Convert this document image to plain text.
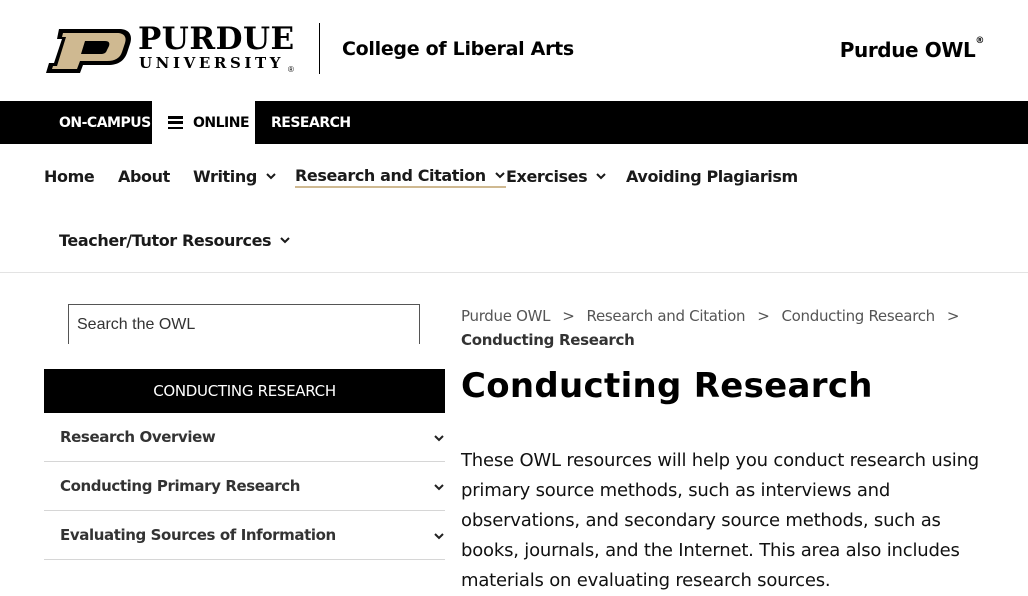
PURDUE
UNIVERSITY ®
College of Liberal Arts	Purdue OWL®
ON-CAMPUS	ONLINE RESEARCH
Home About Writing Research and Citation Exercises Avoiding Plagiarism
Teacher/Tutor Resources
Search the OWL
CONDUCTING RESEARCH
Research Overview
Conducting Primary Research
Evaluating Sources of Information
Purdue OWL > Research and Citation > Conducting Research >
Conducting Research
Conducting Research

These OWL resources will help you conduct research using primary source methods, such as interviews and observations, and secondary source methods, such as books, journals, and the Internet. This area also includes materials on evaluating research sources.
